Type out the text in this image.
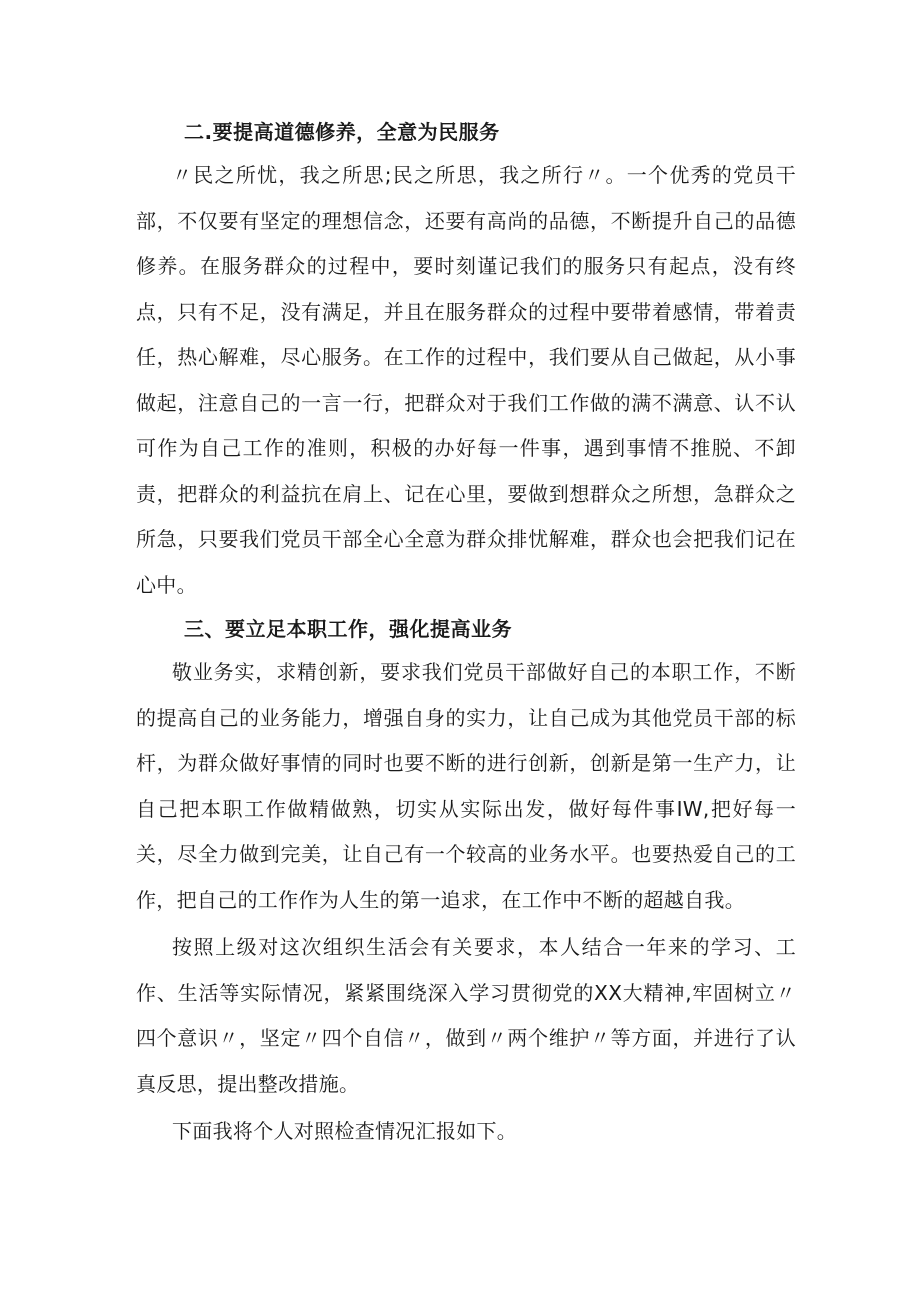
二.要提高道德修养，全意为民服务

〃民之所忧，我之所思;民之所思，我之所行〃。一个优秀的党员干部，不仅要有坚定的理想信念，还要有高尚的品德，不断提升自己的品德修养。在服务群众的过程中，要时刻谨记我们的服务只有起点，没有终点，只有不足，没有满足，并且在服务群众的过程中要带着感情，带着责任，热心解难，尽心服务。在工作的过程中，我们要从自己做起，从小事做起，注意自己的一言一行，把群众对于我们工作做的满不满意、认不认可作为自己工作的准则，积极的办好每一件事，遇到事情不推脱、不卸责，把群众的利益抗在肩上、记在心里，要做到想群众之所想，急群众之所急，只要我们党员干部全心全意为群众排忧解难，群众也会把我们记在心中。

三、要立足本职工作，强化提高业务

敬业务实，求精创新，要求我们党员干部做好自己的本职工作，不断的提高自己的业务能力，增强自身的实力，让自己成为其他党员干部的标杆，为群众做好事情的同时也要不断的进行创新，创新是第一生产力，让自己把本职工作做精做熟，切实从实际出发，做好每件事IW,把好每一关，尽全力做到完美，让自己有一个较高的业务水平。也要热爱自己的工作，把自己的工作作为人生的第一追求，在工作中不断的超越自我。

按照上级对这次组织生活会有关要求，本人结合一年来的学习、工作、生活等实际情况，紧紧围绕深入学习贯彻党的XX大精神,牢固树立〃四个意识〃，坚定〃四个自信〃，做到〃两个维护〃等方面，并进行了认真反思，提出整改措施。

下面我将个人对照检查情况汇报如下。
